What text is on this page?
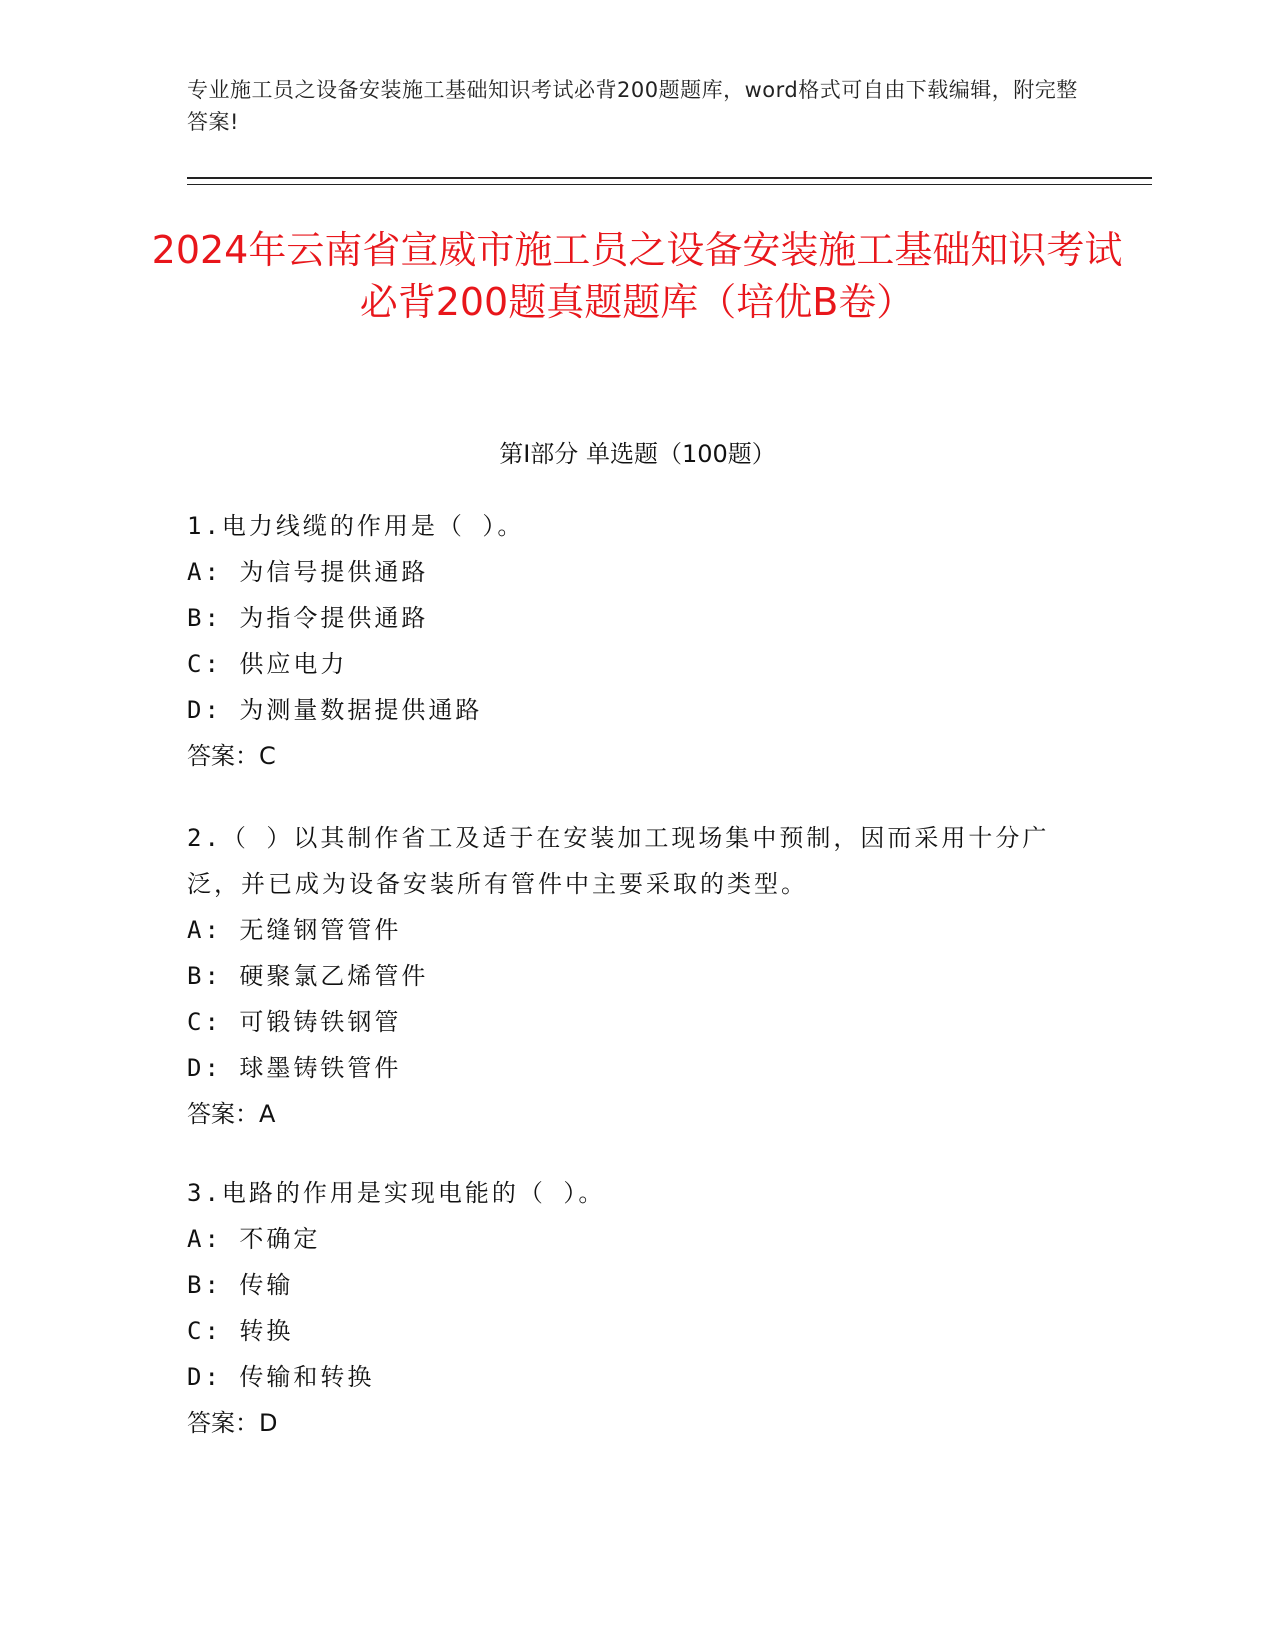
专业施工员之设备安装施工基础知识考试必背200题题库，word格式可自由下载编辑，附完整答案!
2024年云南省宣威市施工员之设备安装施工基础知识考试必背200题真题题库（培优B卷）
第Ⅰ部分 单选题（100题）
1.电力线缆的作用是（ ）。
A: 为信号提供通路
B: 为指令提供通路
C: 供应电力
D: 为测量数据提供通路
答案：C
2.（ ）以其制作省工及适于在安装加工现场集中预制，因而采用十分广泛，并已成为设备安装所有管件中主要采取的类型。
A: 无缝钢管管件
B: 硬聚氯乙烯管件
C: 可锻铸铁钢管
D: 球墨铸铁管件
答案：A
3.电路的作用是实现电能的（ ）。
A: 不确定
B: 传输
C: 转换
D: 传输和转换
答案：D
